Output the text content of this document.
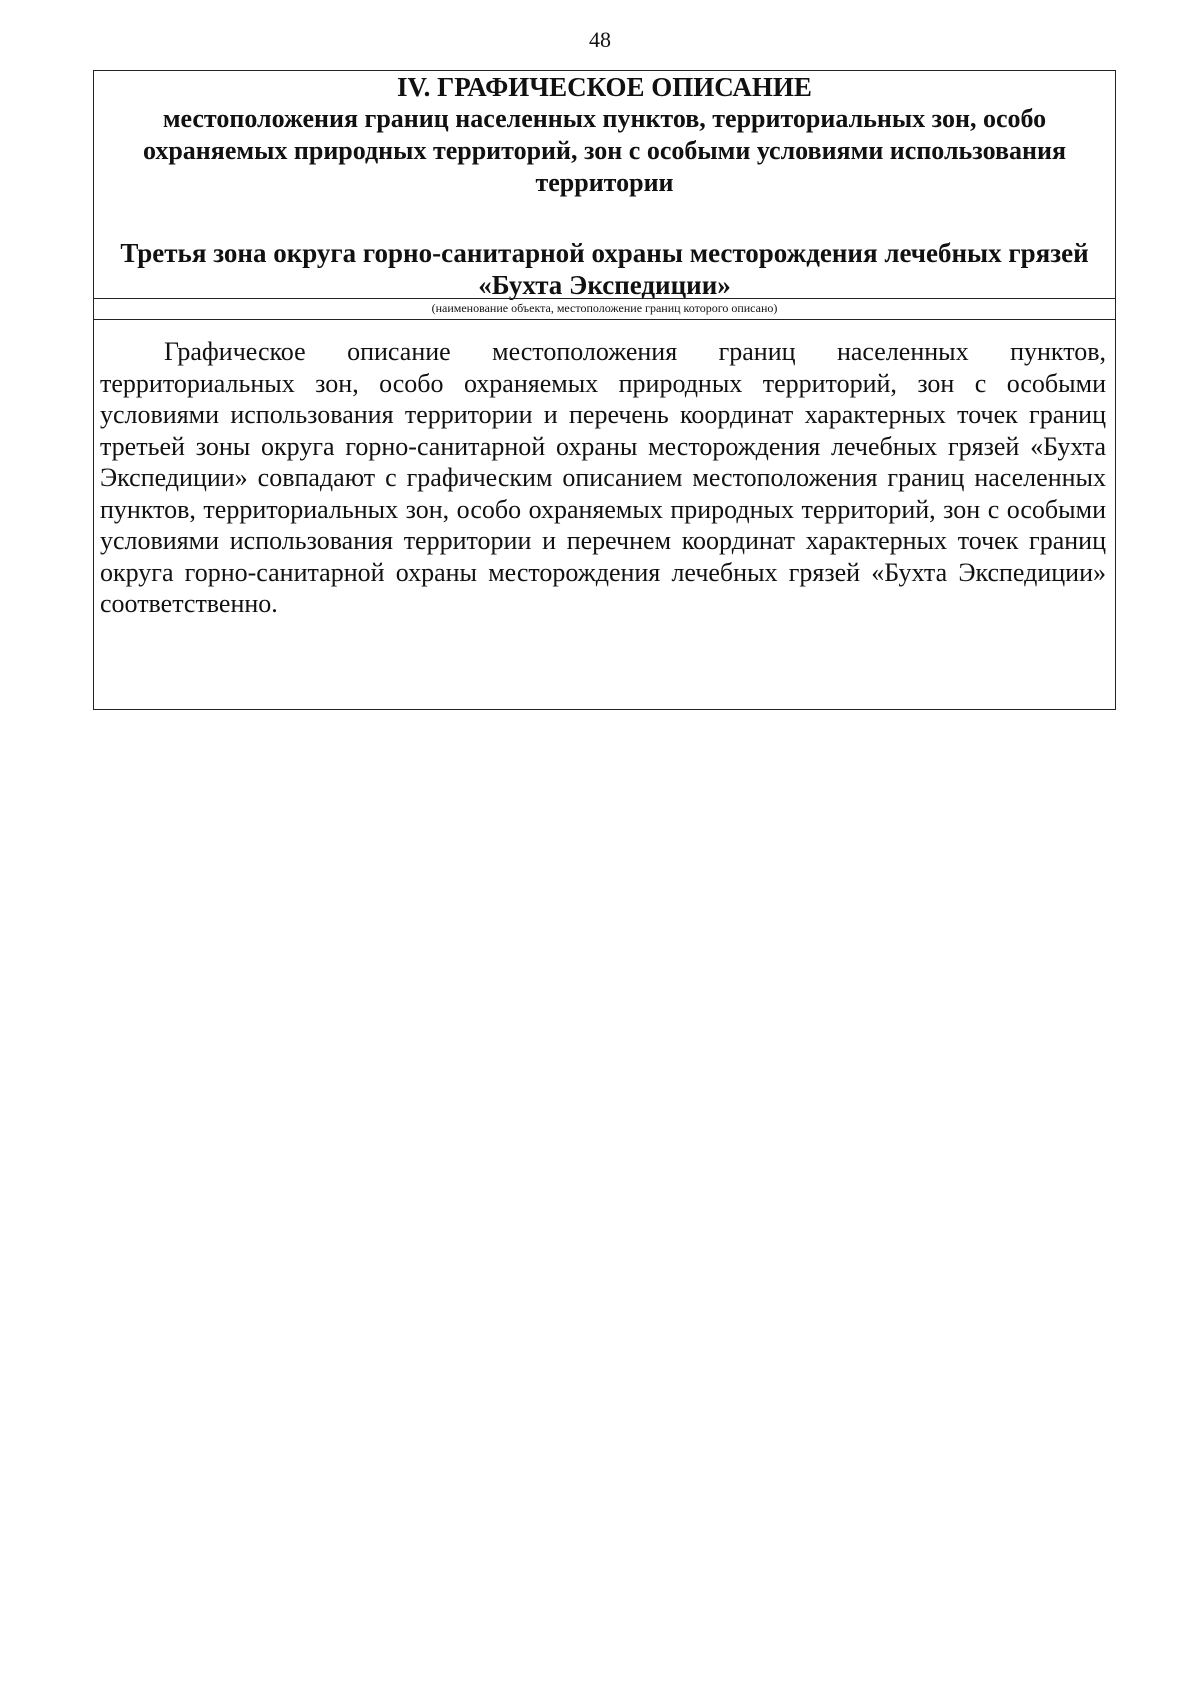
48
IV. ГРАФИЧЕСКОЕ ОПИСАНИЕ
местоположения границ населенных пунктов, территориальных зон, особо охраняемых природных территорий, зон с особыми условиями использования территории
Третья зона округа горно-санитарной охраны месторождения лечебных грязей «Бухта Экспедиции»
(наименование объекта, местоположение границ которого описано)

Графическое описание местоположения границ населенных пунктов, территориальных зон, особо охраняемых природных территорий, зон с особыми условиями использования территории и перечень координат характерных точек границ третьей зоны округа горно-санитарной охраны месторождения лечебных грязей «Бухта Экспедиции» совпадают с графическим описанием местоположения границ населенных пунктов, территориальных зон, особо охраняемых природных территорий, зон с особыми условиями использования территории и перечнем координат характерных точек границ округа горно-санитарной охраны месторождения лечебных грязей «Бухта Экспедиции» соответственно.
